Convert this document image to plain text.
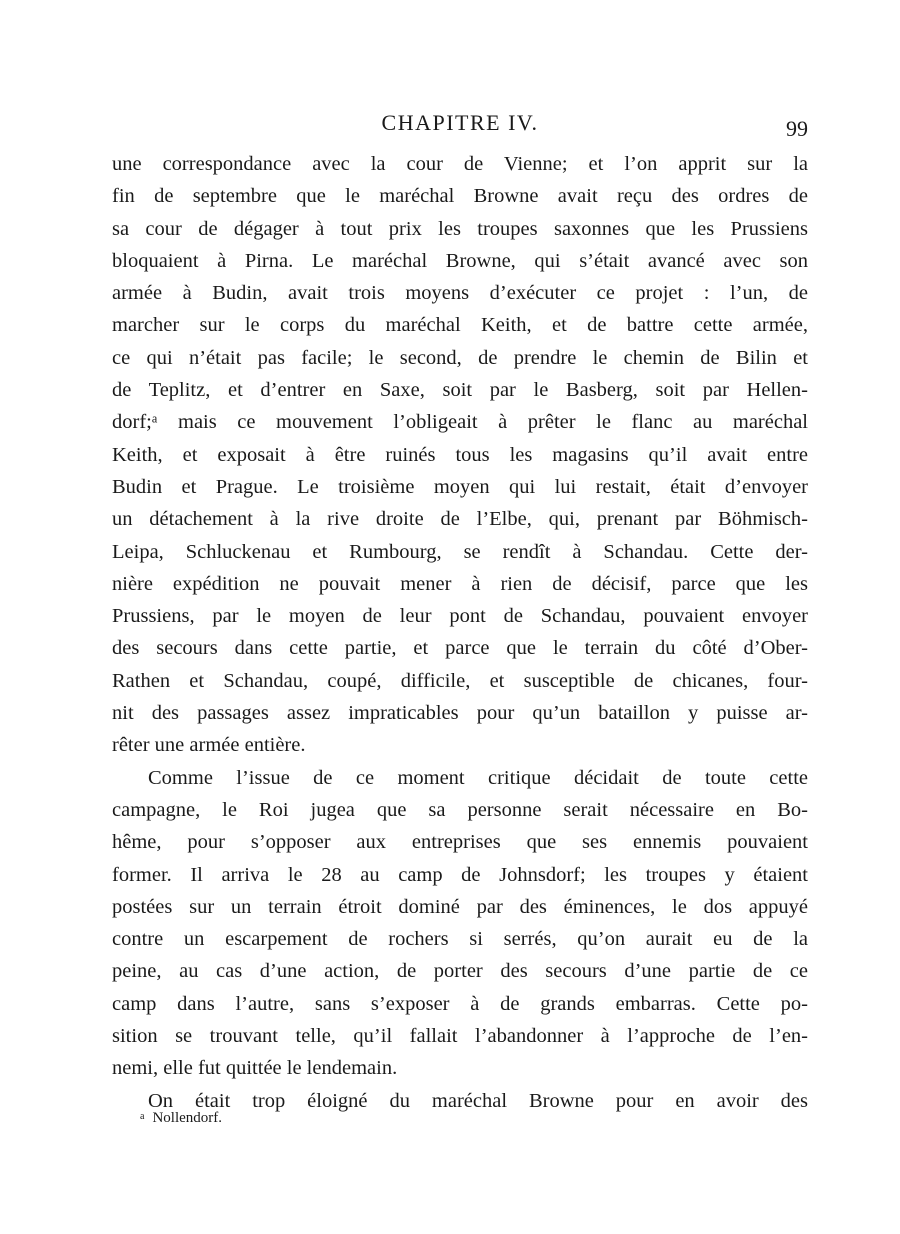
CHAPITRE IV.	99
une correspondance avec la cour de Vienne; et l’on apprit sur la
fin de septembre que le maréchal Browne avait reçu des ordres de
sa cour de dégager à tout prix les troupes saxonnes que les Prussiens
bloquaient à Pirna. Le maréchal Browne, qui s’était avancé avec son
armée à Budin, avait trois moyens d’exécuter ce projet : l’un, de
marcher sur le corps du maréchal Keith, et de battre cette armée,
ce qui n’était pas facile; le second, de prendre le chemin de Bilin et
de Teplitz, et d’entrer en Saxe, soit par le Basberg, soit par Hellen-
dorf;ᵃ mais ce mouvement l’obligeait à prêter le flanc au maréchal
Keith, et exposait à être ruinés tous les magasins qu’il avait entre
Budin et Prague. Le troisième moyen qui lui restait, était d’envoyer
un détachement à la rive droite de l’Elbe, qui, prenant par Böhmisch-
Leipa, Schluckenau et Rumbourg, se rendît à Schandau. Cette der-
nière expédition ne pouvait mener à rien de décisif, parce que les
Prussiens, par le moyen de leur pont de Schandau, pouvaient envoyer
des secours dans cette partie, et parce que le terrain du côté d’Ober-
Rathen et Schandau, coupé, difficile, et susceptible de chicanes, four-
nit des passages assez impraticables pour qu’un bataillon y puisse ar-
rêter une armée entière.
Comme l’issue de ce moment critique décidait de toute cette
campagne, le Roi jugea que sa personne serait nécessaire en Bo-
hême, pour s’opposer aux entreprises que ses ennemis pouvaient
former. Il arriva le 28 au camp de Johnsdorf; les troupes y étaient
postées sur un terrain étroit dominé par des éminences, le dos appuyé
contre un escarpement de rochers si serrés, qu’on aurait eu de la
peine, au cas d’une action, de porter des secours d’une partie de ce
camp dans l’autre, sans s’exposer à de grands embarras. Cette po-
sition se trouvant telle, qu’il fallait l’abandonner à l’approche de l’en-
nemi, elle fut quittée le lendemain.
On était trop éloigné du maréchal Browne pour en avoir des
$^a$ Nollendorf.
